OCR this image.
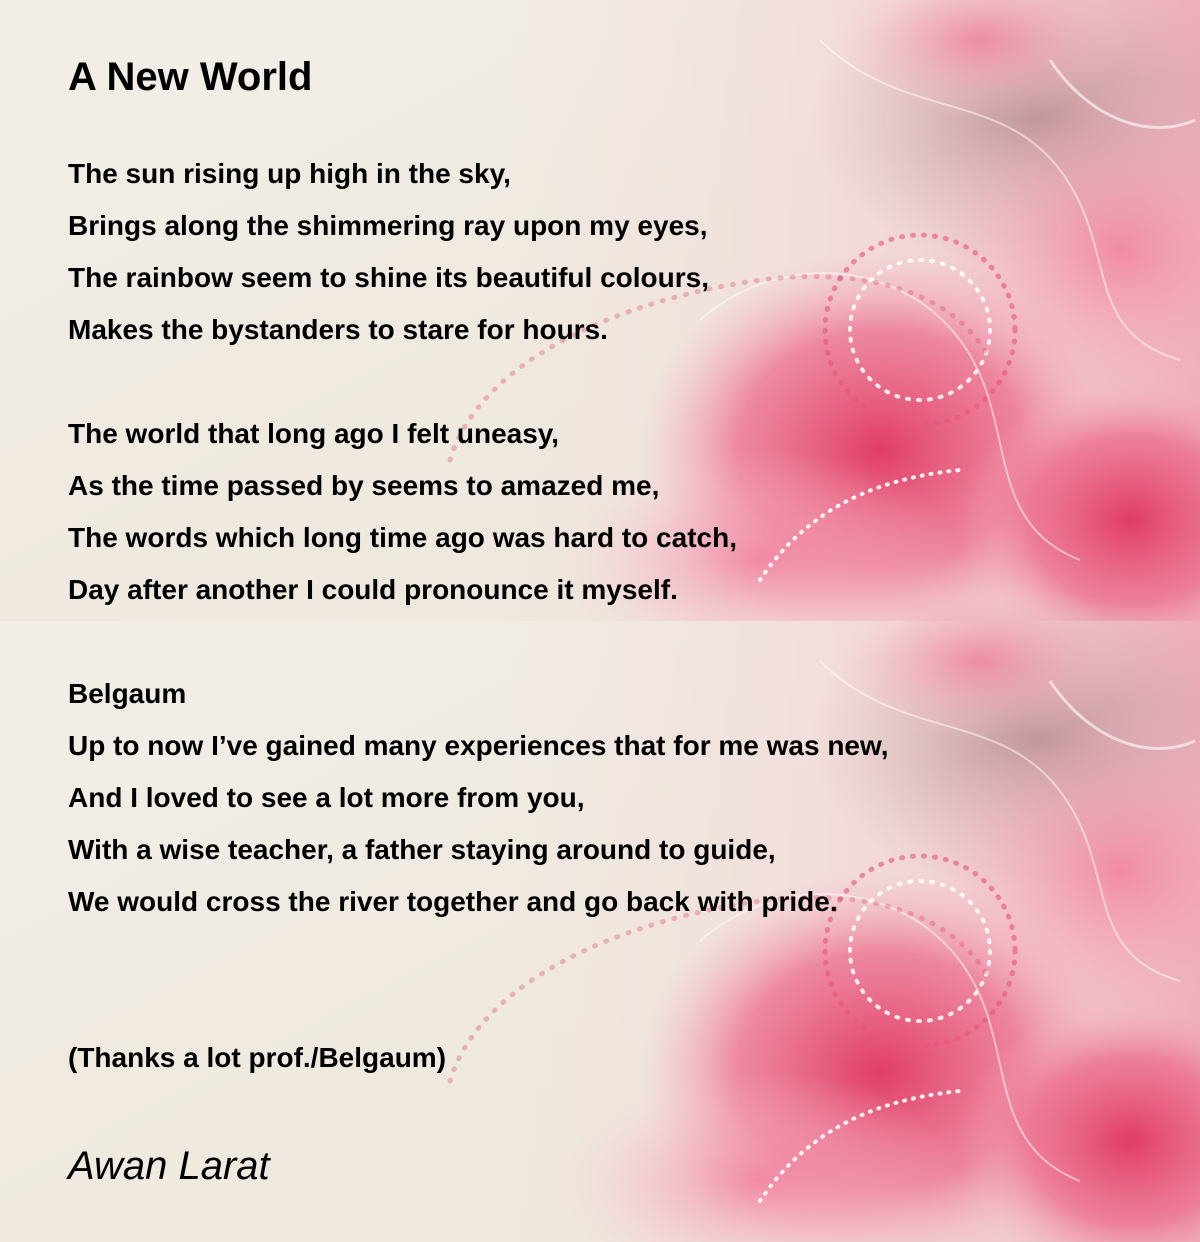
A New World
The sun rising up high in the sky,
Brings along the shimmering ray upon my eyes,
The rainbow seem to shine its beautiful colours,
Makes the bystanders to stare for hours.
The world that long ago I felt uneasy,
As the time passed by seems to amazed me,
The words which long time ago was hard to catch,
Day after another I could pronounce it myself.
Belgaum
Up to now I’ve gained many experiences that for me was new,
And I loved to see a lot more from you,
With a wise teacher, a father staying around to guide,
We would cross the river together and go back with pride.
(Thanks a lot prof./Belgaum)
Awan Larat
